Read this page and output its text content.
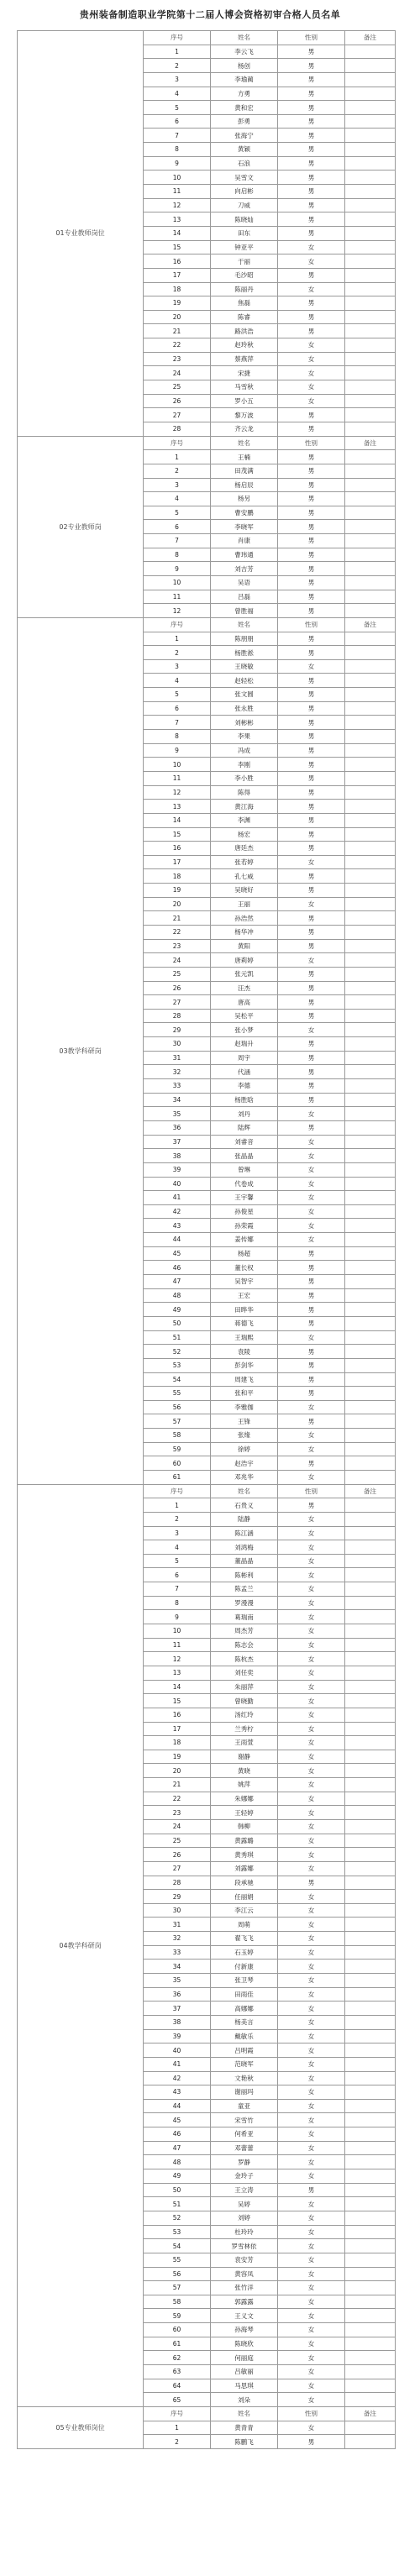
贵州装备制造职业学院第十二届人博会资格初审合格人员名单
01专业教师岗位	序号	姓名	性别	备注
	1	李云飞	男	
	2	杨创	男	
	3	李瑜蔺	男	
	4	方勇	男	
	5	黄和宏	男	
	6	彭勇	男	
	7	张海宁	男	
	8	黄颖	男	
	9	石浪	男	
	10	吴雪文	男	
	11	向启彬	男	
	12	刀威	男	
	13	陈晓灿	男	
	14	田东	男	
	15	钟亚平	女	
	16	于丽	女	
	17	毛沙昭	男	
	18	陈丽丹	女	
	19	焦磊	男	
	20	陈睿	男	
	21	路洪浩	男	
	22	赵玲秋	女	
	23	蔡燕萍	女	
	24	宋捷	女	
	25	马雪秋	女	
	26	罗小五	女	
	27	黎万波	男	
	28	齐云龙	男	
02专业教师岗	序号	姓名	性别	备注
	1	王楠	男	
	2	田茂满	男	
	3	杨启辰	男	
	4	杨另	男	
	5	曹安鹏	男	
	6	李晓军	男	
	7	肖康	男	
	8	曹玮通	男	
	9	刘吉芳	男	
	10	吴语	男	
	11	吕磊	男	
	12	曾胜福	男	
03教学科研岗	序号	姓名	性别	备注
	1	陈朋朋	男	
	2	杨胜淞	男	
	3	王晓敏	女	
	4	赵轻松	男	
	5	张文圆	男	
	6	张永胜	男	
	7	刘彬彬	男	
	8	李果	男	
	9	冯成	男	
	10	李刚	男	
	11	李小胜	男	
	12	陈得	男	
	13	黄江海	男	
	14	李渊	男	
	15	杨宏	男	
	16	唐廷杰	男	
	17	张若婷	女	
	18	孔七威	男	
	19	吴晓好	男	
	20	王丽	女	
	21	孙浩然	男	
	22	杨华冲	男	
	23	黄阳	男	
	24	唐莉婷	女	
	25	张元凯	男	
	26	汪杰	男	
	27	唐高	男	
	28	吴松平	男	
	29	张小梦	女	
	30	赵瑞升	男	
	31	周宇	男	
	32	代涵	男	
	33	李德	男	
	34	杨胜晗	男	
	35	刘丹	女	
	36	陆辉	男	
	37	刘睿音	女	
	38	张晶晶	女	
	39	曾琳	女	
	40	代卷成	女	
	41	王宇馨	女	
	42	孙俊星	女	
	43	孙荣霞	女	
	44	姜传娜	女	
	45	杨超	男	
	46	董长权	男	
	47	吴智宇	男	
	48	王宏	男	
	49	田晔华	男	
	50	蒋德飞	男	
	51	王瑞熙	女	
	52	袁陵	男	
	53	彭剑华	男	
	54	周建飞	男	
	55	张和平	男	
	56	李雅伽	女	
	57	王锋	男	
	58	张缘	女	
	59	徐婷	女	
	60	赵浩宇	男	
	61	邓兆华	女	
04教学科研岗	序号	姓名	性别	备注
	1	石贵义	男	
	2	陆静	女	
	3	陈江涵	女	
	4	刘鸿梅	女	
	5	董晶晶	女	
	6	陈彬利	女	
	7	陈孟兰	女	
	8	罗漫漫	女	
	9	葛瑞南	女	
	10	周杰芳	女	
	11	陈志会	女	
	12	陈杭杰	女	
	13	刘任奕	女	
	14	朱丽萍	女	
	15	曾晓勤	女	
	16	汤红玲	女	
	17	兰秀柠	女	
	18	王雨萱	女	
	19	谢静	女	
	20	黄晓	女	
	21	姚萍	女	
	22	朱娜娜	女	
	23	王轻婷	女	
	24	韩柳	女	
	25	黄露璐	女	
	26	黄秀琪	女	
	27	刘露娜	女	
	28	段承驰	男	
	29	任丽娟	女	
	30	李江云	女	
	31	周萌	女	
	32	翟飞飞	女	
	33	石玉婷	女	
	34	付新康	女	
	35	张卫琴	女	
	36	田雨佳	女	
	37	高娜娜	女	
	38	杨美言	女	
	39	戴敏乐	女	
	40	吕明霞	女	
	41	范晓军	女	
	42	文艳秋	女	
	43	谢丽玛	女	
	44	童亚	女	
	45	宋雪竹	女	
	46	何希亚	女	
	47	邓蕾蕾	女	
	48	罗静	女	
	49	金玲子	女	
	50	王立涛	男	
	51	吴婷	女	
	52	刘婷	女	
	53	杜玲玲	女	
	54	罗雪林依	女	
	55	袁安芳	女	
	56	黄容凤	女	
	57	张竹洋	女	
	58	郭露露	女	
	59	王义文	女	
	60	孙海琴	女	
	61	陈晓欣	女	
	62	何丽庭	女	
	63	吕敏丽	女	
	64	马思琪	女	
	65	刘朵	女	
05专业教师岗位	序号	姓名	性别	备注
	1	黄青青	女	
	2	陈鹏飞	男	
